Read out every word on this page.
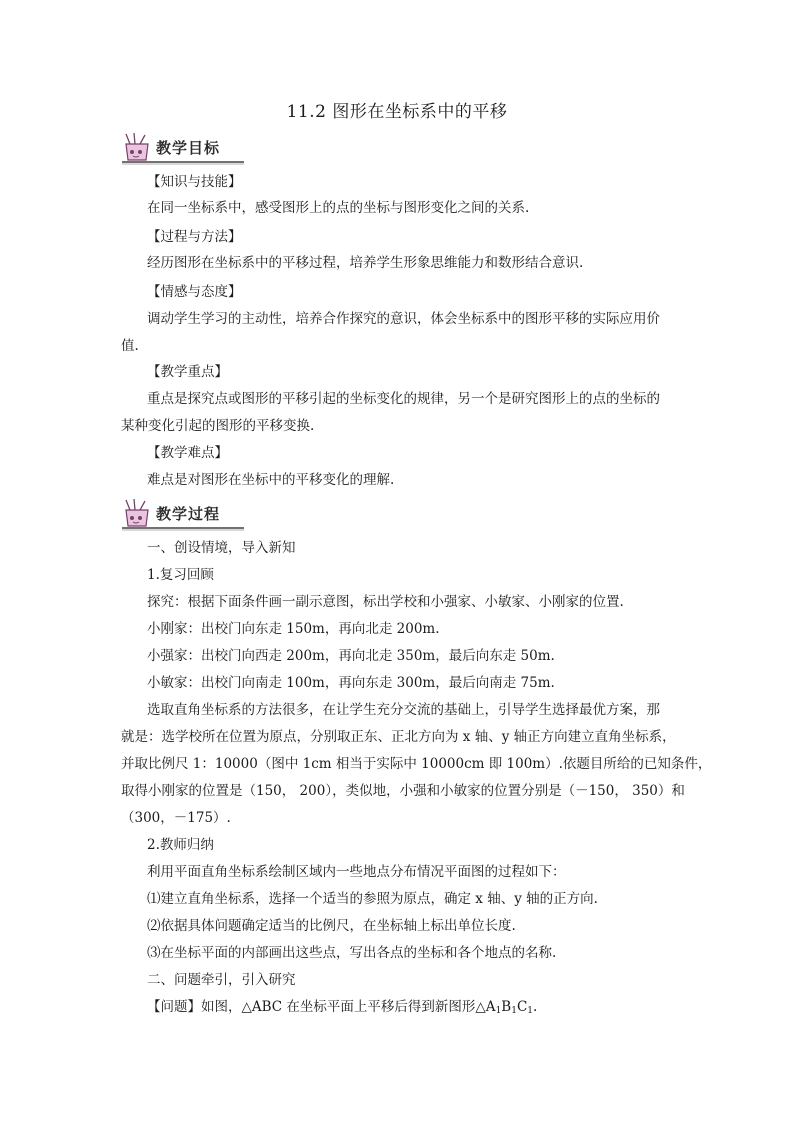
11.2 图形在坐标系中的平移
教学目标
【知识与技能】
在同一坐标系中，感受图形上的点的坐标与图形变化之间的关系.
【过程与方法】
经历图形在坐标系中的平移过程，培养学生形象思维能力和数形结合意识.
【情感与态度】
调动学生学习的主动性，培养合作探究的意识，体会坐标系中的图形平移的实际应用价
值.
【教学重点】
重点是探究点或图形的平移引起的坐标变化的规律，另一个是研究图形上的点的坐标的
某种变化引起的图形的平移变换.
【教学难点】
难点是对图形在坐标中的平移变化的理解.
教学过程
一、创设情境，导入新知
1.复习回顾
探究：根据下面条件画一副示意图，标出学校和小强家、小敏家、小刚家的位置.
小刚家：出校门向东走 150m，再向北走 200m.
小强家：出校门向西走 200m，再向北走 350m，最后向东走 50m.
小敏家：出校门向南走 100m，再向东走 300m，最后向南走 75m.
选取直角坐标系的方法很多，在让学生充分交流的基础上，引导学生选择最优方案，那
就是：选学校所在位置为原点，分别取正东、正北方向为 x 轴、y 轴正方向建立直角坐标系，
并取比例尺 1：10000（图中 1cm 相当于实际中 10000cm 即 100m）.依题目所给的已知条件，
取得小刚家的位置是（150， 200），类似地，小强和小敏家的位置分别是（－150， 350）和
（300，－175）.
2.教师归纳
利用平面直角坐标系绘制区域内一些地点分布情况平面图的过程如下：
⑴建立直角坐标系，选择一个适当的参照为原点，确定 x 轴、y 轴的正方向.
⑵依据具体问题确定适当的比例尺，在坐标轴上标出单位长度.
⑶在坐标平面的内部画出这些点，写出各点的坐标和各个地点的名称.
二、问题牵引，引入研究
【问题】如图，△ABC 在坐标平面上平移后得到新图形$\triangle A_1B_1C_1$.
